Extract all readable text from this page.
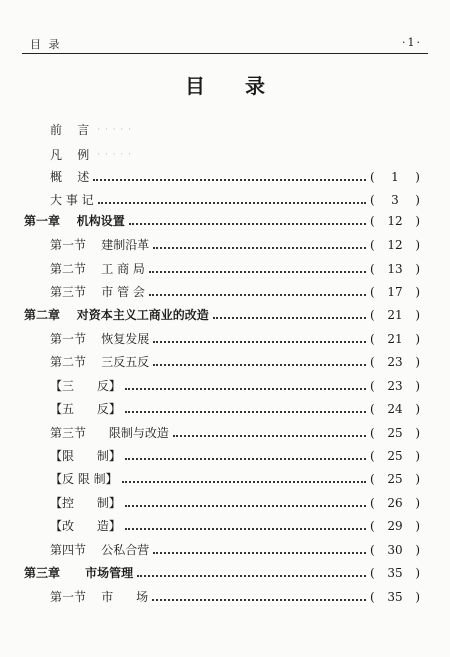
目 录	·1·
目录
前    言 · · · · ·
凡    例 · · · · ·
概    述	( 1 )
大 事 记	( 3 )
第一章    机构设置	( 12 )
第一节    建制沿革	( 12 )
第二节    工 商 局	( 13 )
第三节    市 管 会	( 17 )
第二章    对资本主义工商业的改造	( 21 )
第一节    恢复发展	( 21 )
第二节    三反五反	( 23 )
【三      反】	( 23 )
【五      反】	( 24 )
第三节      限制与改造	( 25 )
【限      制】	( 25 )
【反 限 制】	( 25 )
【控      制】	( 26 )
【改      造】	( 29 )
第四节    公私合营	( 30 )
第三章      市场管理	( 35 )
第一节    市      场	( 35 )
